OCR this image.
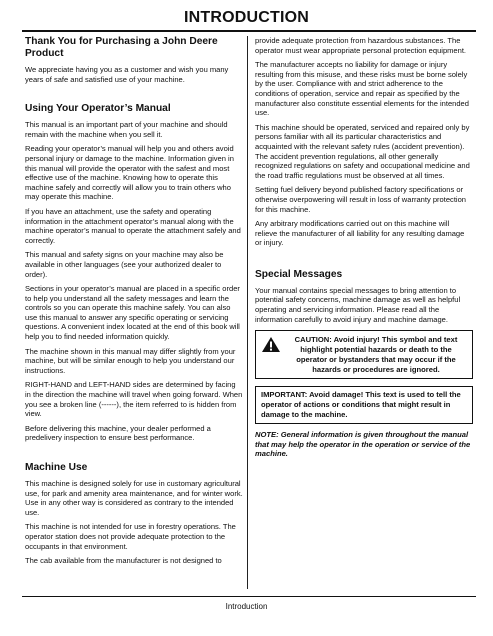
INTRODUCTION
Thank You for Purchasing a John Deere Product

We appreciate having you as a customer and wish you many years of safe and satisfied use of your machine.

Using Your Operator’s Manual

This manual is an important part of your machine and should remain with the machine when you sell it.

Reading your operator’s manual will help you and others avoid personal injury or damage to the machine. Information given in this manual will provide the operator with the safest and most effective use of the machine. Knowing how to operate this machine safely and correctly will allow you to train others who may operate this machine.

If you have an attachment, use the safety and operating information in the attachment operator’s manual along with the machine operator’s manual to operate the attachment safely and correctly.

This manual and safety signs on your machine may also be available in other languages (see your authorized dealer to order).

Sections in your operator’s manual are placed in a specific order to help you understand all the safety messages and learn the controls so you can operate this machine safely. You can also use this manual to answer any specific operating or servicing questions. A convenient index located at the end of this book will help you to find needed information quickly.

The machine shown in this manual may differ slightly from your machine, but will be similar enough to help you understand our instructions.

RIGHT-HAND and LEFT-HAND sides are determined by facing in the direction the machine will travel when going forward. When you see a broken line (------), the item referred to is hidden from view.

Before delivering this machine, your dealer performed a predelivery inspection to ensure best performance.

Machine Use

This machine is designed solely for use in customary agricultural use, for park and amenity area maintenance, and for winter work. Use in any other way is considered as contrary to the intended use.

This machine is not intended for use in forestry operations. The operator station does not provide adequate protection to the occupants in that environment.

The cab available from the manufacturer is not designed to

provide adequate protection from hazardous substances. The operator must wear appropriate personal protection equipment.

The manufacturer accepts no liability for damage or injury resulting from this misuse, and these risks must be borne solely by the user. Compliance with and strict adherence to the conditions of operation, service and repair as specified by the manufacturer also constitute essential elements for the intended use.

This machine should be operated, serviced and repaired only by persons familiar with all its particular characteristics and acquainted with the relevant safety rules (accident prevention). The accident prevention regulations, all other generally recognized regulations on safety and occupational medicine and the road traffic regulations must be observed at all times.

Setting fuel delivery beyond published factory specifications or otherwise overpowering will result in loss of warranty protection for this machine.

Any arbitrary modifications carried out on this machine will relieve the manufacturer of all liability for any resulting damage or injury.

Special Messages

Your manual contains special messages to bring attention to potential safety concerns, machine damage as well as helpful operating and servicing information. Please read all the information carefully to avoid injury and machine damage.

CAUTION: Avoid injury! This symbol and text highlight potential hazards or death to the operator or bystanders that may occur if the hazards or procedures are ignored.
IMPORTANT: Avoid damage! This text is used to tell the operator of actions or conditions that might result in damage to the machine.

NOTE: General information is given throughout the manual that may help the operator in the operation or service of the machine.

Introduction
